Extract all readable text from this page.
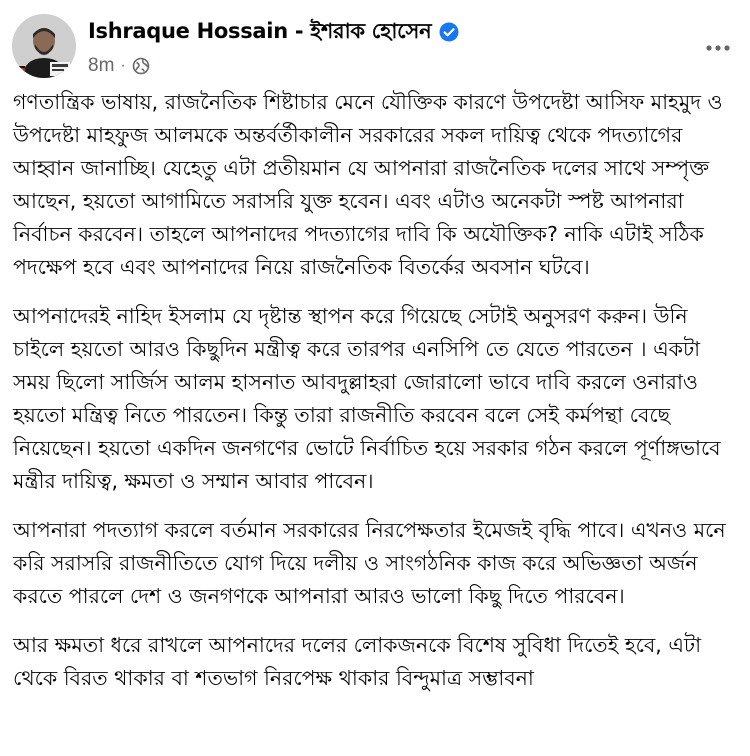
Ishraque Hossain - ইশরাক হোসেন
8m ·

গণতান্ত্রিক ভাষায়, রাজনৈতিক শিষ্টাচার মেনে যৌক্তিক কারণে উপদেষ্টা আসিফ মাহমুদ ও উপদেষ্টা মাহফুজ আলমকে অন্তর্বর্তীকালীন সরকারের সকল দায়িত্ব থেকে পদত্যাগের আহ্বান জানাচ্ছি। যেহেতু এটা প্রতীয়মান যে আপনারা রাজনৈতিক দলের সাথে সম্পৃক্ত আছেন, হয়তো আগামিতে সরাসরি যুক্ত হবেন। এবং এটাও অনেকটা স্পষ্ট আপনারা নির্বাচন করবেন। তাহলে আপনাদের পদত্যাগের দাবি কি অযৌক্তিক? নাকি এটাই সঠিক পদক্ষেপ হবে এবং আপনাদের নিয়ে রাজনৈতিক বিতর্কের অবসান ঘটবে।

আপনাদেরই নাহিদ ইসলাম যে দৃষ্টান্ত স্থাপন করে গিয়েছে সেটাই অনুসরণ করুন। উনি চাইলে হয়তো আরও কিছুদিন মন্ত্রীত্ব করে তারপর এনসিপি তে যেতে পারতেন । একটা সময় ছিলো সার্জিস আলম হাসনাত আবদুল্লাহরা জোরালো ভাবে দাবি করলে ওনারাও হয়তো মন্ত্রিত্ব নিতে পারতেন। কিন্তু তারা রাজনীতি করবেন বলে সেই কর্মপন্থা বেছে নিয়েছেন। হয়তো একদিন জনগণের ভোটে নির্বাচিত হয়ে সরকার গঠন করলে পূর্ণাঙ্গভাবে মন্ত্রীর দায়িত্ব, ক্ষমতা ও সম্মান আবার পাবেন।

আপনারা পদত্যাগ করলে বর্তমান সরকারের নিরপেক্ষতার ইমেজই বৃদ্ধি পাবে। এখনও মনে করি সরাসরি রাজনীতিতে যোগ দিয়ে দলীয় ও সাংগঠনিক কাজ করে অভিজ্ঞতা অর্জন করতে পারলে দেশ ও জনগণকে আপনারা আরও ভালো কিছু দিতে পারবেন।

আর ক্ষমতা ধরে রাখলে আপনাদের দলের লোকজনকে বিশেষ সুবিধা দিতেই হবে, এটা থেকে বিরত থাকার বা শতভাগ নিরপেক্ষ থাকার বিন্দুমাত্র সম্ভাবনা
